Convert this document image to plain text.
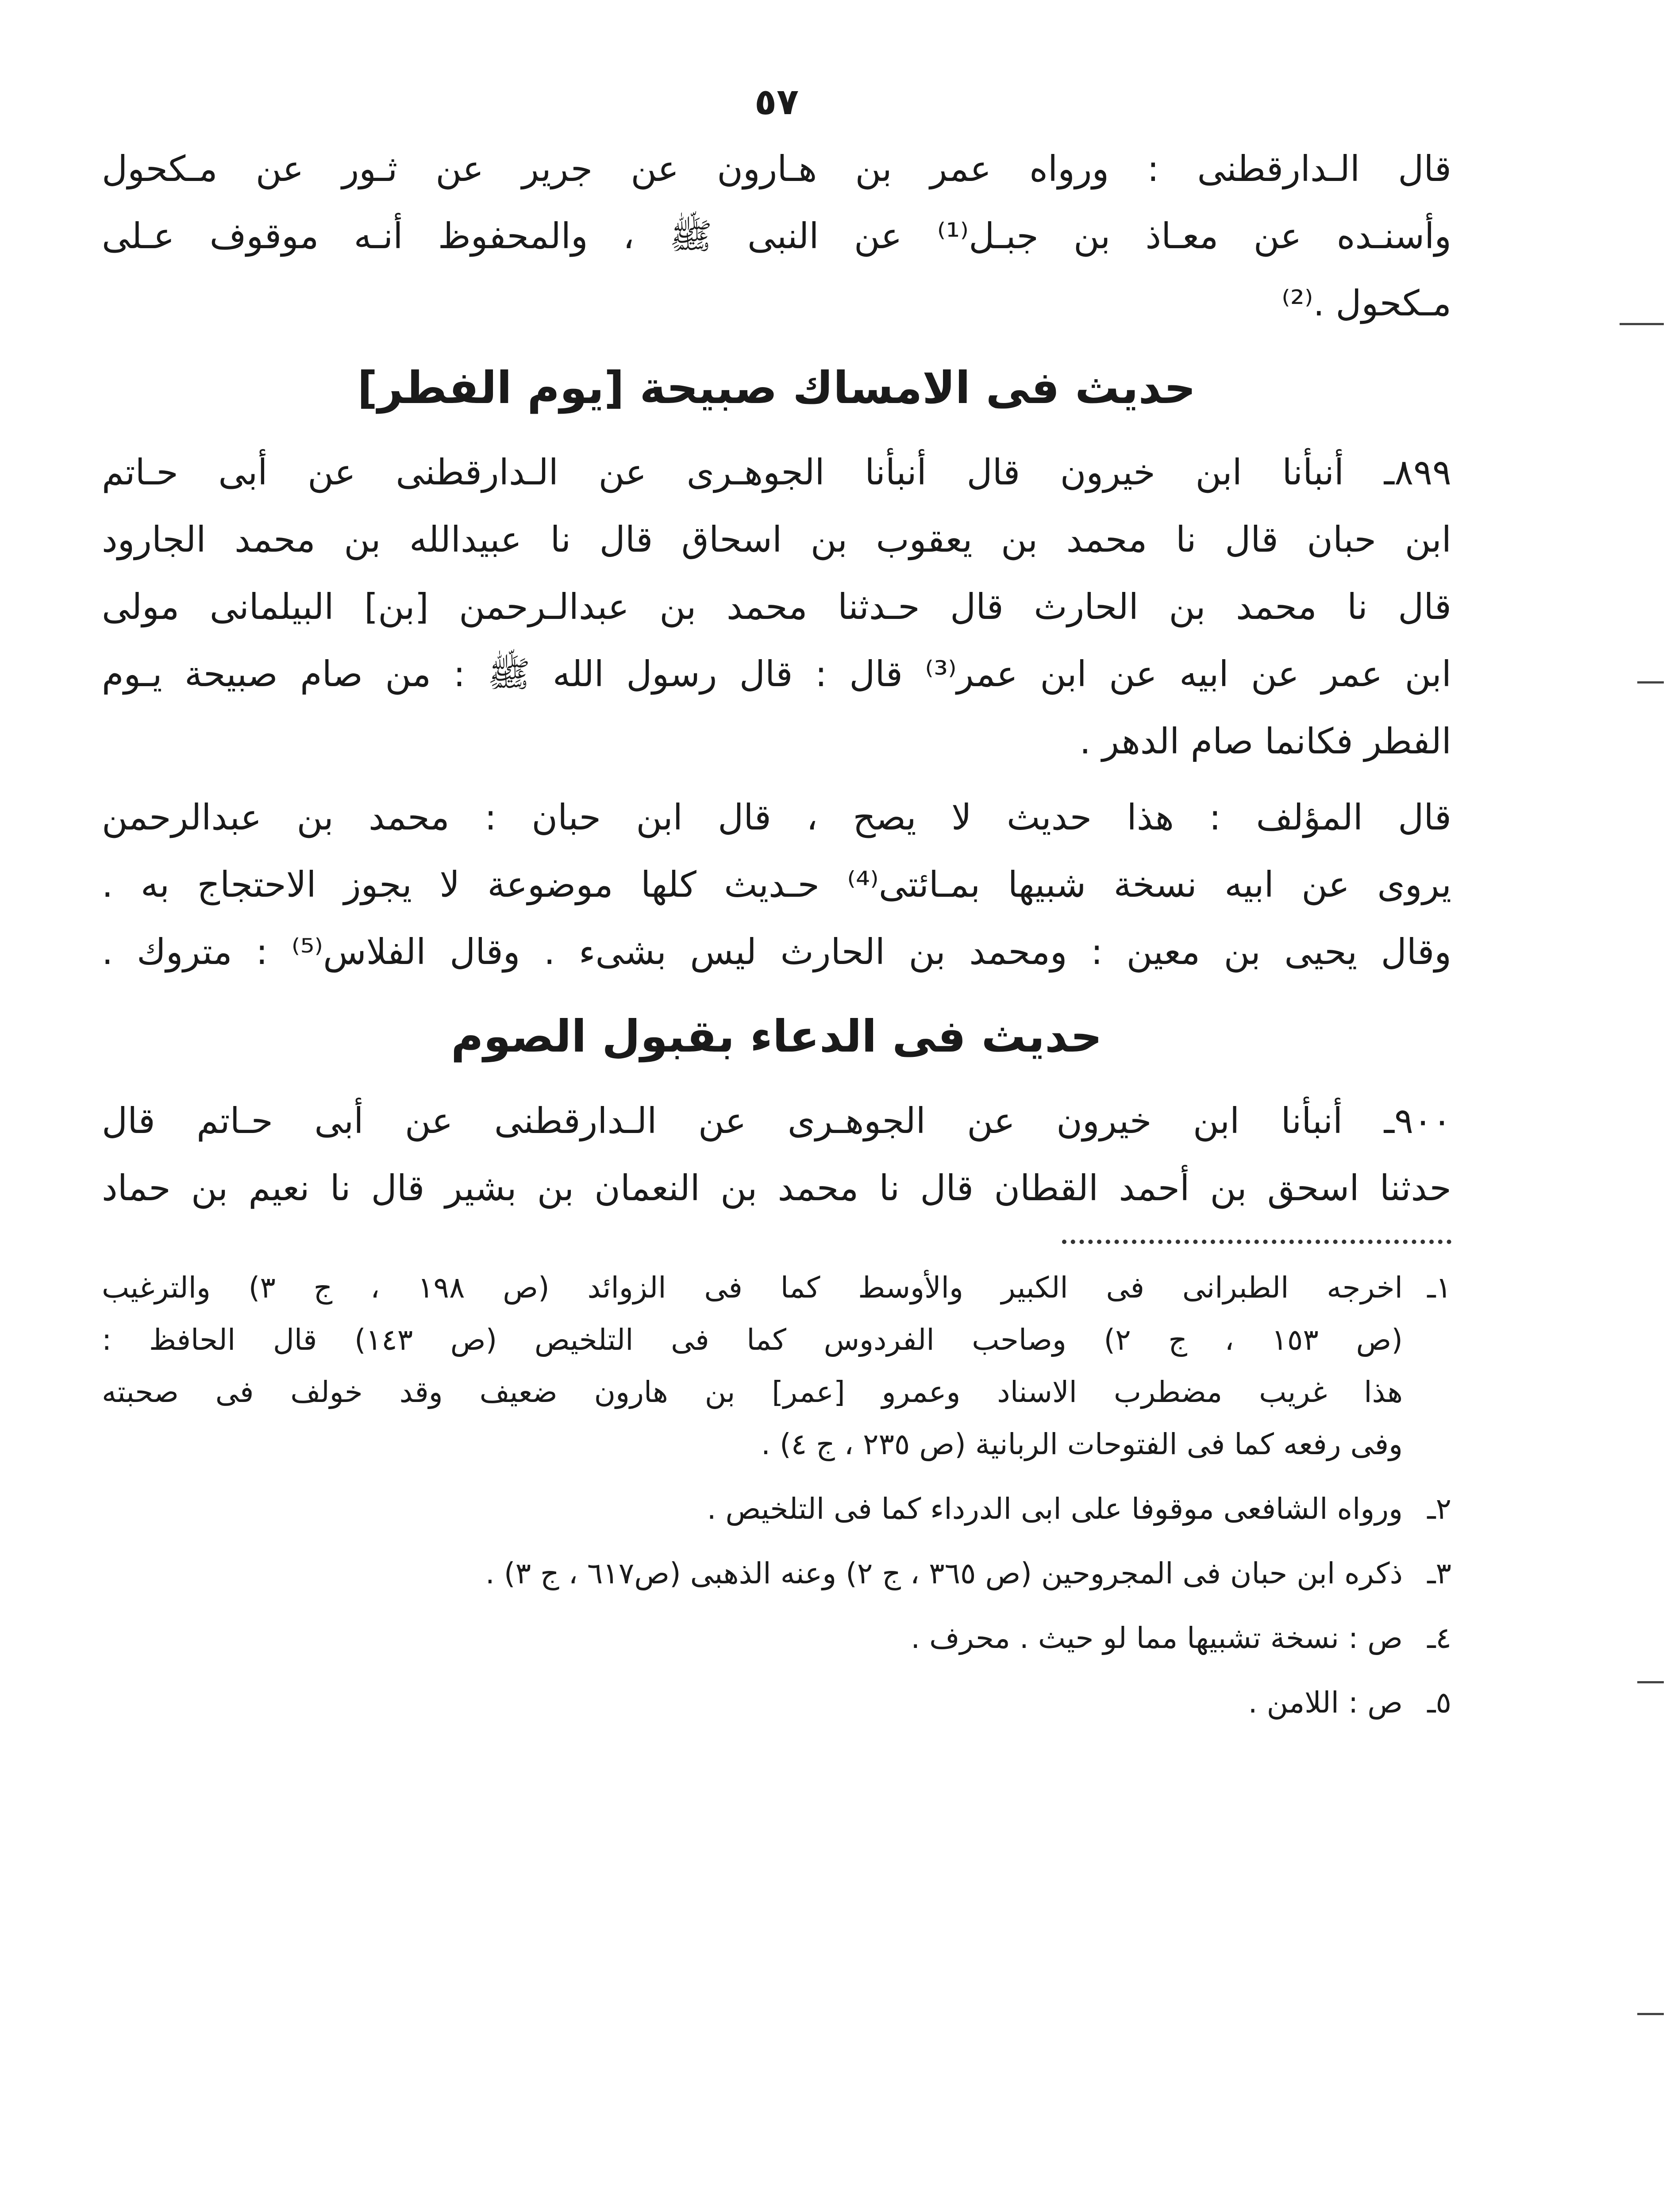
٥٧
قال الـدارقطنى : ورواه عمر بن هـارون عن جرير عن ثـور عن مـكحول
وأسنـده عن معـاذ بن جبـل⁽¹⁾ عن النبى ﷺ ، والمحفوظ أنـه موقوف عـلى
مـكحول .⁽²⁾
حديث فى الامساك صبيحة [يوم الفطر]
٨٩٩ـ أنبأنا ابن خيرون قال أنبأنا الجوهـرى عن الـدارقطنى عن أبى حـاتم
ابن حبان قال نا محمد بن يعقوب بن اسحاق قال نا عبيدالله بن محمد الجارود
قال نا محمد بن الحارث قال حـدثنا محمد بن عبدالـرحمن [بن] البيلمانى مولى
ابن عمر عن ابيه عن ابن عمر⁽³⁾ قال : قال رسول الله ﷺ : من صام صبيحة يـوم
الفطر فكانما صام الدهر .
قال المؤلف : هذا حديث لا يصح ، قال ابن حبان : محمد بن عبدالرحمن
يروى عن ابيه نسخة شبيها بمـائتى⁽⁴⁾ حـديث كلها موضوعة لا يجوز الاحتجاج به .
وقال يحيى بن معين : ومحمد بن الحارث ليس بشىء . وقال الفلاس⁽⁵⁾ : متروك .
حديث فى الدعاء بقبول الصوم
٩٠٠ـ أنبأنا ابن خيرون عن الجوهـرى عن الـدارقطنى عن أبى حـاتم قال
حدثنا اسحق بن أحمد القطان قال نا محمد بن النعمان بن بشير قال نا نعيم بن حماد
١ـ
اخرجه الطبرانى فى الكبير والأوسط كما فى الزوائد (ص ١٩٨ ، ج ٣) والترغيب
(ص ١٥٣ ، ج ٢) وصاحب الفردوس كما فى التلخيص (ص ١٤٣) قال الحافظ :
هذا غريب مضطرب الاسناد وعمرو [عمر] بن هارون ضعيف وقد خولف فى صحبته
وفى رفعه كما فى الفتوحات الربانية (ص ٢٣٥ ، ج ٤) .
٢ـ
ورواه الشافعى موقوفا على ابى الدرداء كما فى التلخيص .
٣ـ
ذكره ابن حبان فى المجروحين (ص ٣٦٥ ، ج ٢) وعنه الذهبى (ص٦١٧ ، ج ٣) .
٤ـ
ص : نسخة تشبيها مما لو حيث . محرف .
٥ـ
ص : اللامن .
